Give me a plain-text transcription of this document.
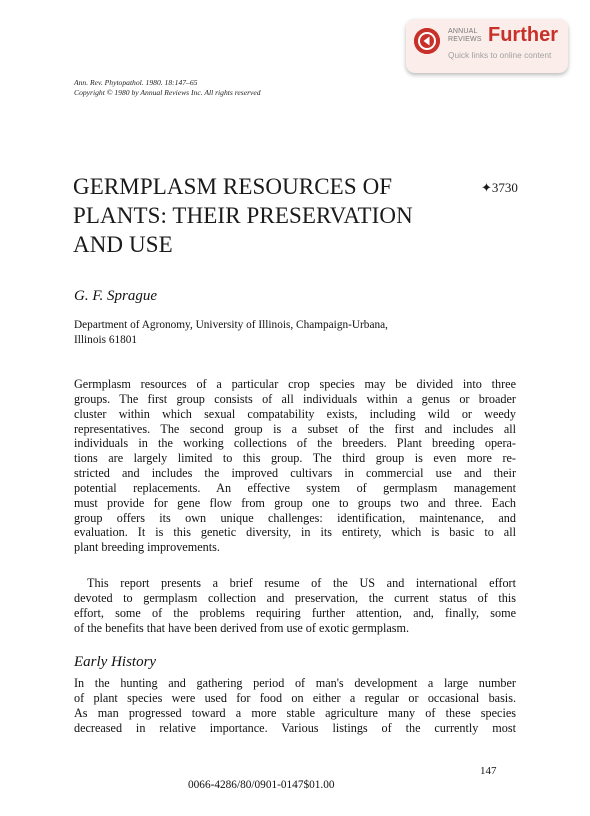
ANNUAL
REVIEWS Further
Quick links to online content
Ann. Rev. Phytopathol. 1980. 18:147–65
Copyright © 1980 by Annual Reviews Inc. All rights reserved
GERMPLASM RESOURCES OF
PLANTS: THEIR PRESERVATION
AND USE
✦3730
G. F. Sprague
Department of Agronomy, University of Illinois, Champaign-Urbana,
Illinois 61801
Germplasm resources of a particular crop species may be divided into three
groups. The first group consists of all individuals within a genus or broader
cluster within which sexual compatability exists, including wild or weedy
representatives. The second group is a subset of the first and includes all
individuals in the working collections of the breeders. Plant breeding opera-
tions are largely limited to this group. The third group is even more re-
stricted and includes the improved cultivars in commercial use and their
potential replacements. An effective system of germplasm management
must provide for gene flow from group one to groups two and three. Each
group offers its own unique challenges: identification, maintenance, and
evaluation. It is this genetic diversity, in its entirety, which is basic to all
plant breeding improvements.
This report presents a brief resume of the US and international effort
devoted to germplasm collection and preservation, the current status of this
effort, some of the problems requiring further attention, and, finally, some
of the benefits that have been derived from use of exotic germplasm.
Early History
In the hunting and gathering period of man's development a large number
of plant species were used for food on either a regular or occasional basis.
As man progressed toward a more stable agriculture many of these species
decreased in relative importance. Various listings of the currently most
147
0066-4286/80/0901-0147$01.00
